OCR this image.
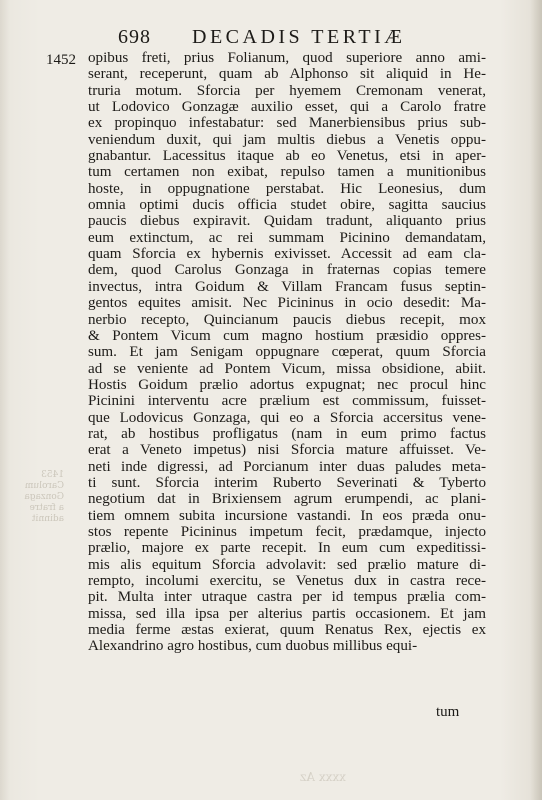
1453
Carolum
Gonzaga
a fratre
adinnit
xxxx Az
698 DECADIS TERTIÆ
1452 opibus freti, prius Folianum, quod superiore anno ami-
serant, receperunt, quam ab Alphonso sit aliquid in He-
truria motum. Sforcia per hyemem Cremonam venerat,
ut Lodovico Gonzagæ auxilio esset, qui a Carolo fratre
ex propinquo infestabatur: sed Manerbiensibus prius sub-
veniendum duxit, qui jam multis diebus a Venetis oppu-
gnabantur. Lacessitus itaque ab eo Venetus, etsi in aper-
tum certamen non exibat, repulso tamen a munitionibus
hoste, in oppugnatione perstabat. Hic Leonesius, dum
omnia optimi ducis officia studet obire, sagitta saucius
paucis diebus expiravit. Quidam tradunt, aliquanto prius
eum extinctum, ac rei summam Picinino demandatam,
quam Sforcia ex hybernis exivisset. Accessit ad eam cla-
dem, quod Carolus Gonzaga in fraternas copias temere
invectus, intra Goidum & Villam Francam fusus septin-
gentos equites amisit. Nec Picininus in ocio desedit: Ma-
nerbio recepto, Quincianum paucis diebus recepit, mox
& Pontem Vicum cum magno hostium præsidio oppres-
sum. Et jam Senigam oppugnare cœperat, quum Sforcia
ad se veniente ad Pontem Vicum, missa obsidione, abiit.
Hostis Goidum prælio adortus expugnat; nec procul hinc
Picinini interventu acre prælium est commissum, fuisset-
que Lodovicus Gonzaga, qui eo a Sforcia accersitus vene-
rat, ab hostibus profligatus (nam in eum primo factus
erat a Veneto impetus) nisi Sforcia mature affuisset. Ve-
neti inde digressi, ad Porcianum inter duas paludes meta-
ti sunt. Sforcia interim Ruberto Severinati & Tyberto
negotium dat in Brixiensem agrum erumpendi, ac plani-
tiem omnem subita incursione vastandi. In eos præda onu-
stos repente Picininus impetum fecit, prædamque, injecto
prælio, majore ex parte recepit. In eum cum expeditissi-
mis alis equitum Sforcia advolavit: sed prælio mature di-
rempto, incolumi exercitu, se Venetus dux in castra rece-
pit. Multa inter utraque castra per id tempus prælia com-
missa, sed illa ipsa per alterius partis occasionem. Et jam
media ferme æstas exierat, quum Renatus Rex, ejectis ex
Alexandrino agro hostibus, cum duobus millibus equi-
tum
